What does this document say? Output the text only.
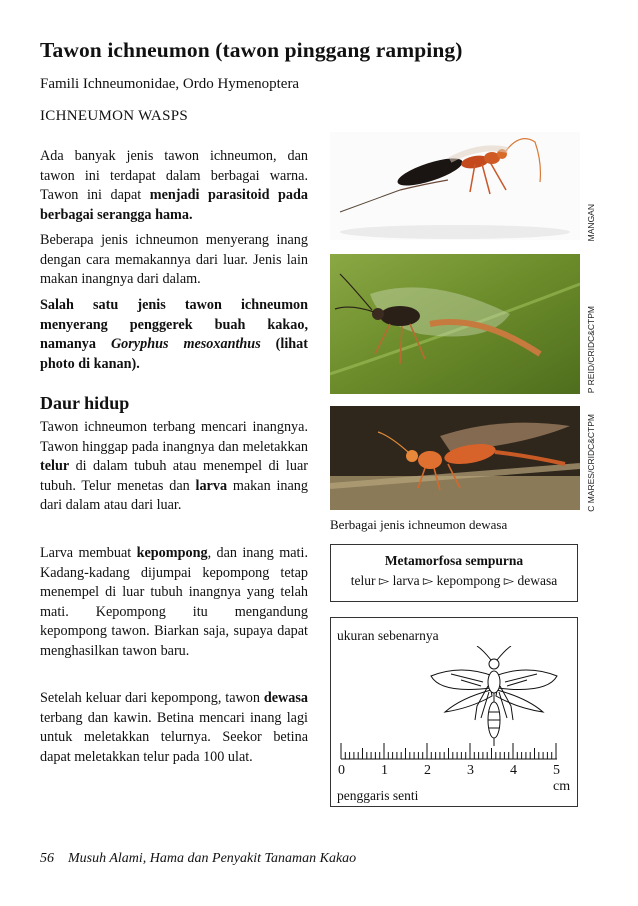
Tawon ichneumon (tawon pinggang ramping)
Famili Ichneumonidae, Ordo Hymenoptera
ICHNEUMON WASPS

Ada banyak jenis tawon ichneumon, dan tawon ini terdapat dalam berbagai warna. Tawon ini dapat menjadi parasitoid pada berbagai serangga hama.

Beberapa jenis ichneumon menyerang inang dengan cara memakannya dari luar. Jenis lain makan inangnya dari dalam.

Salah satu jenis tawon ichneumon menyerang penggerek buah kakao, namanya Goryphus mesoxanthus (lihat photo di kanan).

Daur hidup

Tawon ichneumon terbang mencari inangnya. Tawon hinggap pada inangnya dan meletakkan telur di dalam tubuh atau menempel di luar tubuh. Telur menetas dan larva makan inang dari dalam atau dari luar.

Larva membuat kepompong, dan inang mati. Kadang-kadang dijumpai kepompong tetap menempel di luar tubuh inangnya yang telah mati. Kepompong itu mengandung kepompong tawon. Biarkan saja, supaya dapat menghasilkan tawon baru.

Setelah keluar dari kepompong, tawon dewasa terbang dan kawin. Betina mencari inang lagi untuk meletakkan telurnya. Seekor betina dapat meletakkan telur pada 100 ulat.

MANGAN
P REID/CRIDC&CTPM
C MARES/CRIDC&CTPM
Berbagai jenis ichneumon dewasa
Metamorfosa sempurna
telur ▻ larva ▻ kepompong ▻ dewasa
ukuran sebenarnya
0	1	2	3	4	5 cm
penggaris senti
56 Musuh Alami, Hama dan Penyakit Tanaman Kakao
